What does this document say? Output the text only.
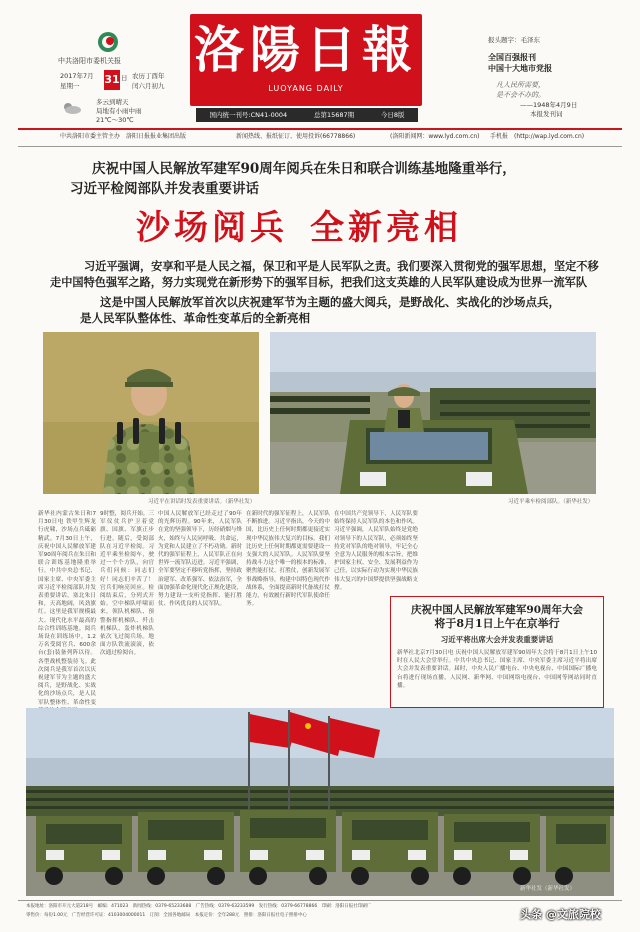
中共洛阳市委机关报
2017年7月
星期一 31 日 农历丁酉年
闰六月初九
多云到晴天
局地有小雨中雨
21℃～30℃
洛陽日報
LUOYANG DAILY
国内统一刊号:CN41-0004	总第15687期	今日8版
报头题字：毛泽东
全国百强报刊
中国十大地市党报
凡人民所需要，
是不会不办的。
——1948年4月9日
本报发刊词
中共洛阳市委主管主办　洛阳日报报业集团出版	新闻热线、报纸征订、使用投诉(66778866)	(洛阳新闻网：www.lyd.com.cn) 手机报　(http://wap.lyd.com.cn)
庆祝中国人民解放军建军90周年阅兵在朱日和联合训练基地隆重举行，
习近平检阅部队并发表重要讲话
沙场阅兵 全新亮相
习近平强调，安享和平是人民之福，保卫和平是人民军队之责。我们要深入贯彻党的强军思想，坚定不移
走中国特色强军之路，努力实现党在新形势下的强军目标，把我们这支英雄的人民军队建设成为世界一流军队
这是中国人民解放军首次以庆祝建军节为主题的盛大阅兵，是野战化、实战化的沙场点兵，
是人民军队整体性、革命性变革后的全新亮相
习近平在讲话时发表重要讲话。（新华社发）	习近平乘车检阅部队。（新华社发）
新华社内蒙古朱日和7月30日电 铁甲生辉龙行虎啸，沙场点兵砥砺精武。7月30日上午，庆祝中国人民解放军建军90周年阅兵在朱日和联合训练基地隆重举行。中共中央总书记、国家主席、中央军委主席习近平检阅部队并发表重要讲话。塞北朱日和，天高地阔，风劲旗红。这里是我军规模最大、现代化水平最高的综合性训练基地。阅兵场设在训练场中，1.2万名受阅官兵、600余台(套)装备列阵以待。各型战机整装待飞。此次阅兵是我军首次以庆祝建军节为主题的盛大阅兵，是野战化、实战化的沙场点兵，是人民军队整体性、革命性变
9时整，阅兵开始。三军仪仗兵护卫着党旗、国旗、军旗正步行进。随后，受阅部队在习近平检阅。习近平乘坐检阅车，驶过一个个方队，向官兵们问候：同志们好！同志们辛苦了！官兵们响亮回应。检阅结束后，分列式开始。空中梯队呼啸而来，领队机梯队、预警指挥机梯队、歼击机梯队、轰炸机梯队依次飞过阅兵场。地面方队铁流滚滚，依次通过检阅台。
中国人民解放军已经走过了90年的光辉历程。90年来，人民军队在党的坚强领导下，历经硝烟与烽火，始终与人民同呼吸、共命运，为党和人民建立了不朽功勋。新时代的强军征程上，人民军队正在向世界一流军队迈进。习近平强调，全军要坚定不移听党指挥，坚持政治建军、改革强军、依法治军，全面加强革命化现代化正规化建设，努力建设一支听党指挥、能打胜仗、作风优良的人民军队。
在新时代的强军征程上，人民军队不断推进。习近平指出，今天的中国，比历史上任何时期都更接近实现中华民族伟大复兴的目标。我们比历史上任何时期都更需要建设一支强大的人民军队。人民军队要坚持战斗力这个唯一的根本的标准，聚焦能打仗、打胜仗，创新发展军事战略指导，构建中国特色现代作战体系，全面提高新时代备战打仗能力，有效履行新时代军队使命任务。
在中国共产党领导下，人民军队要始终保持人民军队的本色和作风。习近平强调，人民军队始终是党绝对领导下的人民军队，必须始终坚持党对军队的绝对领导，牢记全心全意为人民服务的根本宗旨，把维护国家主权、安全、发展利益作为己任，以实际行动为实现中华民族伟大复兴的中国梦提供坚强战略支撑。
庆祝中国人民解放军建军90周年大会
将于8月1日上午在京举行
习近平将出席大会并发表重要讲话
新华社北京7月30日电 庆祝中国人民解放军建军90周年大会将于8月1日上午10时在人民大会堂举行。中共中央总书记、国家主席、中央军委主席习近平将出席大会并发表重要讲话。届时，中央人民广播电台、中央电视台、中国国际广播电台将进行现场直播，人民网、新华网、中国网络电视台、中国网等网站同时直播。
新华社发（新华社发）
本报地址：洛阳市开元大道218号　邮编：471023　新闻热线：0379-65233688　广告热线：0379-63233599　发行热线：0379-66778866　印刷：洛阳日报社印刷厂
零售价：每份1.00元　广告经营许可证：4103004000011　订阅：全国各地邮局　本报定价：全年288元　照排：洛阳日报社电子照排中心	头条 @文旅院校
